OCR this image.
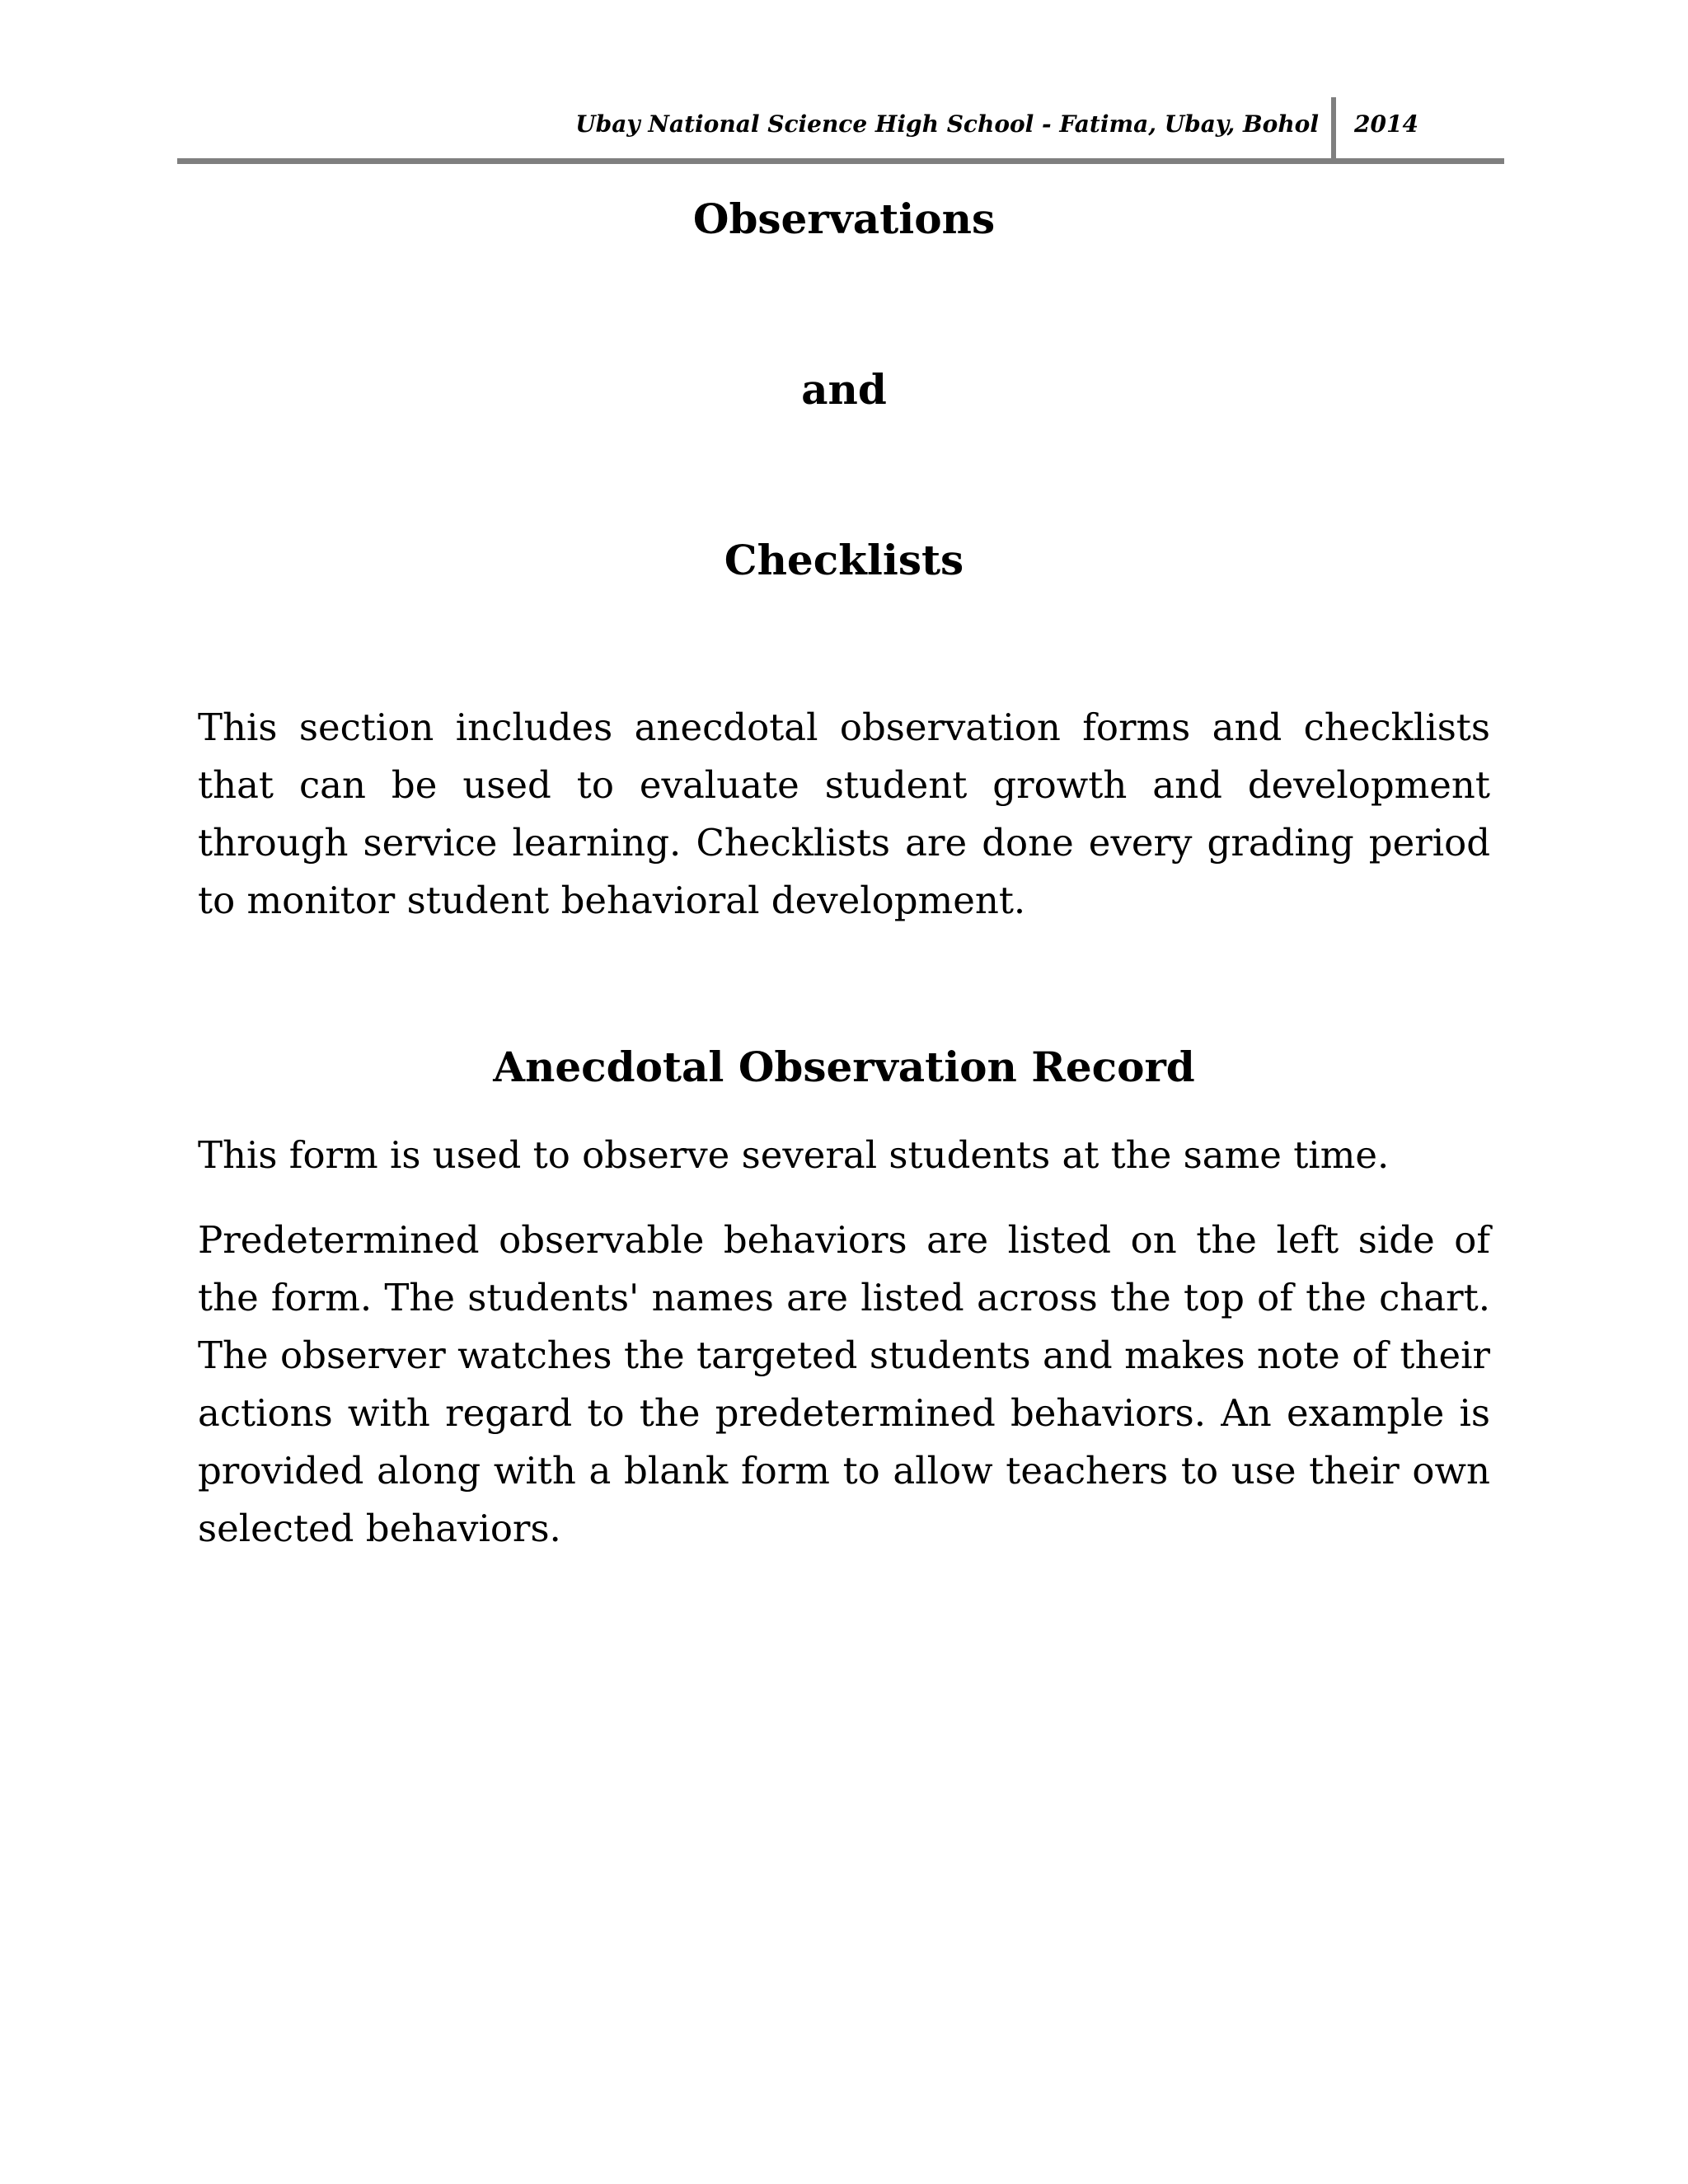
Ubay National Science High School - Fatima, Ubay, Bohol 2014
Observations
and
Checklists

This section includes anecdotal observation forms and checklists that can be used to evaluate student growth and development through service learning. Checklists are done every grading period to monitor student behavioral development.

Anecdotal Observation Record

This form is used to observe several students at the same time.

Predetermined observable behaviors are listed on the left side of the form. The students' names are listed across the top of the chart. The observer watches the targeted students and makes note of their actions with regard to the predetermined behaviors. An example is provided along with a blank form to allow teachers to use their own selected behaviors.
